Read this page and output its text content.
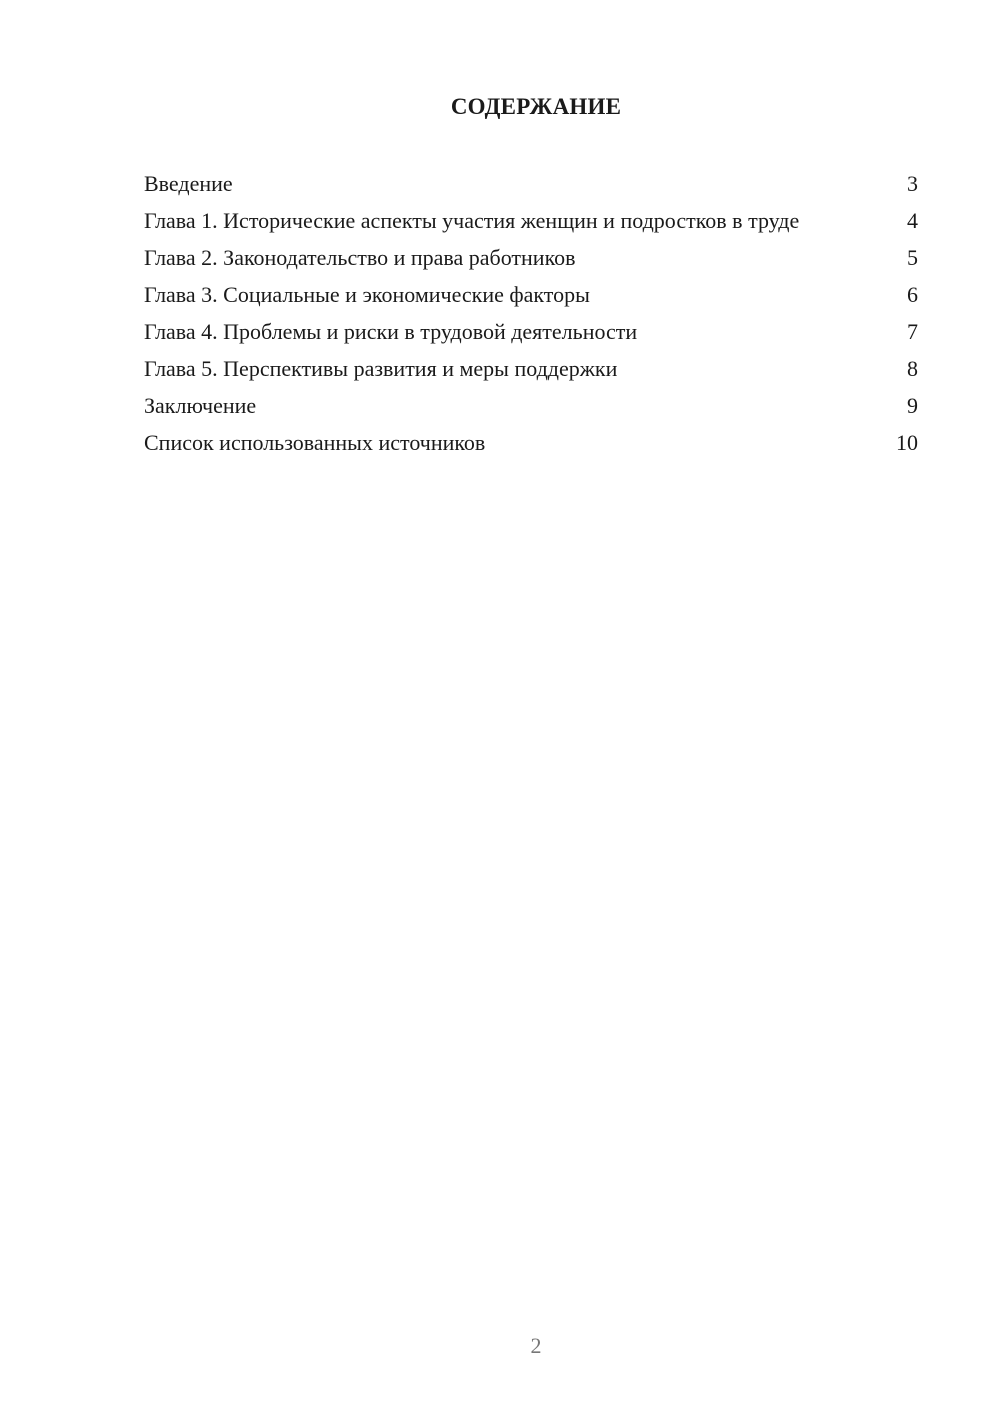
СОДЕРЖАНИЕ
Введение	3
Глава 1. Исторические аспекты участия женщин и подростков в труде	4
Глава 2. Законодательство и права работников	5
Глава 3. Социальные и экономические факторы	6
Глава 4. Проблемы и риски в трудовой деятельности	7
Глава 5. Перспективы развития и меры поддержки	8
Заключение	9
Список использованных источников	10
2
